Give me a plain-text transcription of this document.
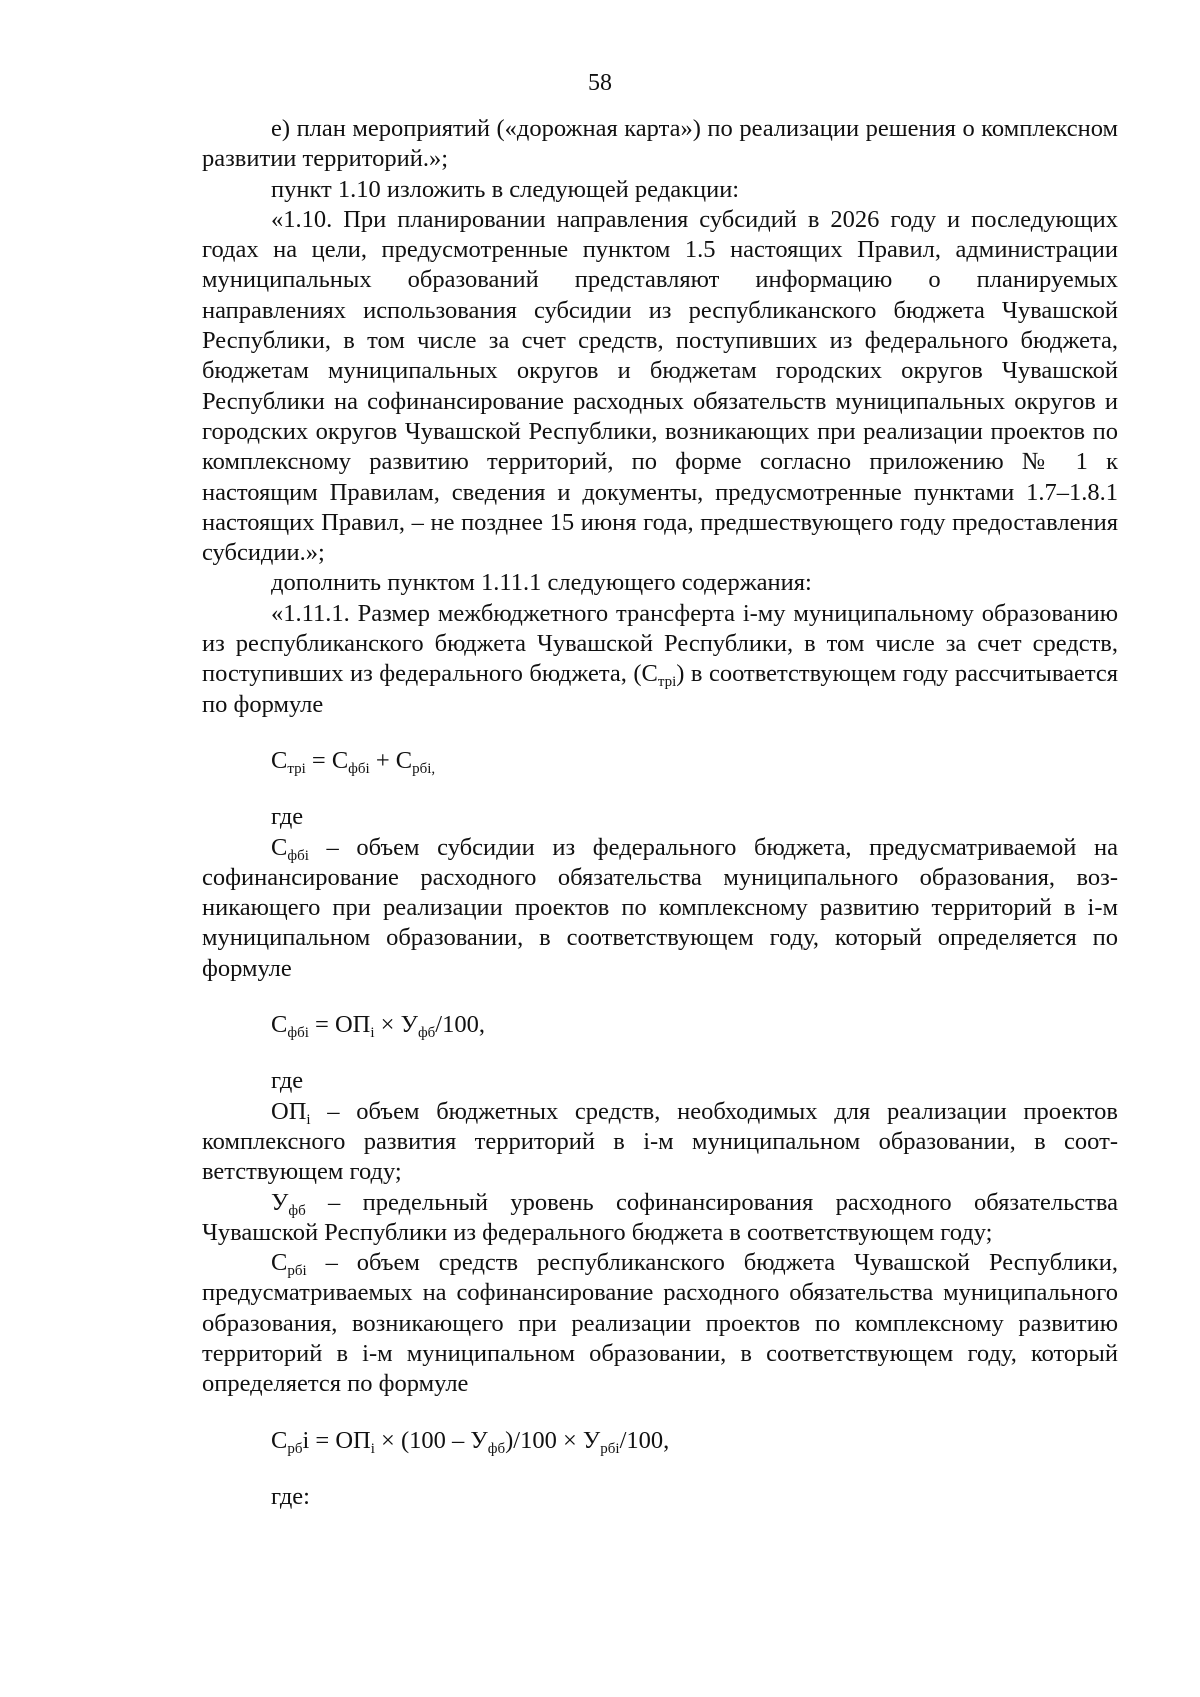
58

е) план мероприятий («дорожная карта») по реализации решения о комплексном развитии территорий.»;

пункт 1.10 изложить в следующей редакции:

«1.10. При планировании направления субсидий в 2026 году и последующих годах на цели, предусмотренные пунктом 1.5 настоящих Правил, администрации муниципальных образований представляют информацию о планируемых направлениях использования субсидии из республиканского бюджета Чувашской Республики, в том числе за счет средств, поступивших из федерального бюджета, бюджетам муниципальных округов и бюджетам городских округов Чувашской Республики на софинансирование расходных обязательств муниципальных округов и городских округов Чувашской Республики, возникающих при реализации проектов по комплексному развитию территорий, по форме согласно приложению № 1 к настоящим Правилам, сведения и документы, предусмотренные пунктами 1.7–1.8.1 настоящих Правил, – не позднее 15 июня года, предшествующего году предоставления субсидии.»;

дополнить пунктом 1.11.1 следующего содержания:

«1.11.1. Размер межбюджетного трансферта i-му муниципальному образованию из республиканского бюджета Чувашской Республики, в том числе за счет средств, поступивших из федерального бюджета, $(С_{трi})$ в соответствующем году рассчитывается по формуле

$С_{трi} = С_{фбi} + С_{рбi,}$

где

$С_{фбi}$ – объем субсидии из федерального бюджета, предусматриваемой на софинансирование расходного обязательства муниципального образования, возникающего при реализации проектов по комплексному развитию территорий в i-м муниципальном образовании, в соответствующем году, который определяется по формуле

$С_{фбi} = ОП_i \times У_{фб}/100$,

где

$ОП_i$ – объем бюджетных средств, необходимых для реализации проектов комплексного развития территорий в i-м муниципальном образовании, в соответствующем году;

$У_{фб}$ – предельный уровень софинансирования расходного обязательства Чувашской Республики из федерального бюджета в соответствующем году;

$С_{рбi}$ – объем средств республиканского бюджета Чувашской Республики, предусматриваемых на софинансирование расходного обязательства муниципального образования, возникающего при реализации проектов по комплексному развитию территорий в i-м муниципальном образовании, в соответствующем году, который определяется по формуле

$С_{рб}i = ОП_i \times (100 - У_{фб})/100 \times У_{рбi}/100$,

где:
